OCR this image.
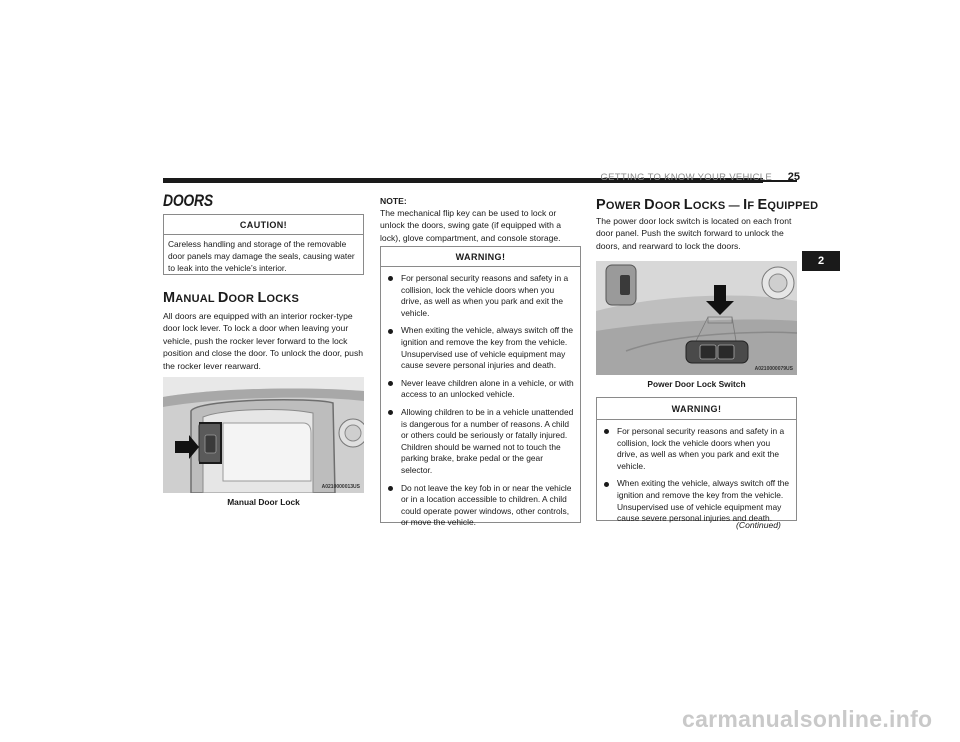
GETTING TO KNOW YOUR VEHICLE	25
2
DOORS
CAUTION!
Careless handling and storage of the removable door panels may damage the seals, causing water to leak into the vehicle’s interior.
MANUAL DOOR LOCKS
All doors are equipped with an interior rocker-type door lock lever. To lock a door when leaving your vehicle, push the rocker lever forward to the lock position and close the door. To unlock the door, push the rocker lever rearward.
A0210000013US
Manual Door Lock
NOTE:
The mechanical flip key can be used to lock or unlock the doors, swing gate (if equipped with a lock), glove compartment, and console storage.
WARNING!
For personal security reasons and safety in a collision, lock the vehicle doors when you drive, as well as when you park and exit the vehicle.
When exiting the vehicle, always switch off the ignition and remove the key from the vehicle. Unsupervised use of vehicle equipment may cause severe personal injuries and death.
Never leave children alone in a vehicle, or with access to an unlocked vehicle.
Allowing children to be in a vehicle unattended is dangerous for a number of reasons. A child or others could be seriously or fatally injured. Children should be warned not to touch the parking brake, brake pedal or the gear selector.
Do not leave the key fob in or near the vehicle or in a location accessible to children. A child could operate power windows, other controls, or move the vehicle.
POWER DOOR LOCKS — IF EQUIPPED
The power door lock switch is located on each front door panel. Push the switch forward to unlock the doors, and rearward to lock the doors.
A0210000079US
Power Door Lock Switch
WARNING!
For personal security reasons and safety in a collision, lock the vehicle doors when you drive, as well as when you park and exit the vehicle.
When exiting the vehicle, always switch off the ignition and remove the key from the vehicle. Unsupervised use of vehicle equipment may cause severe personal injuries and death.
(Continued)
carmanualsonline.info
